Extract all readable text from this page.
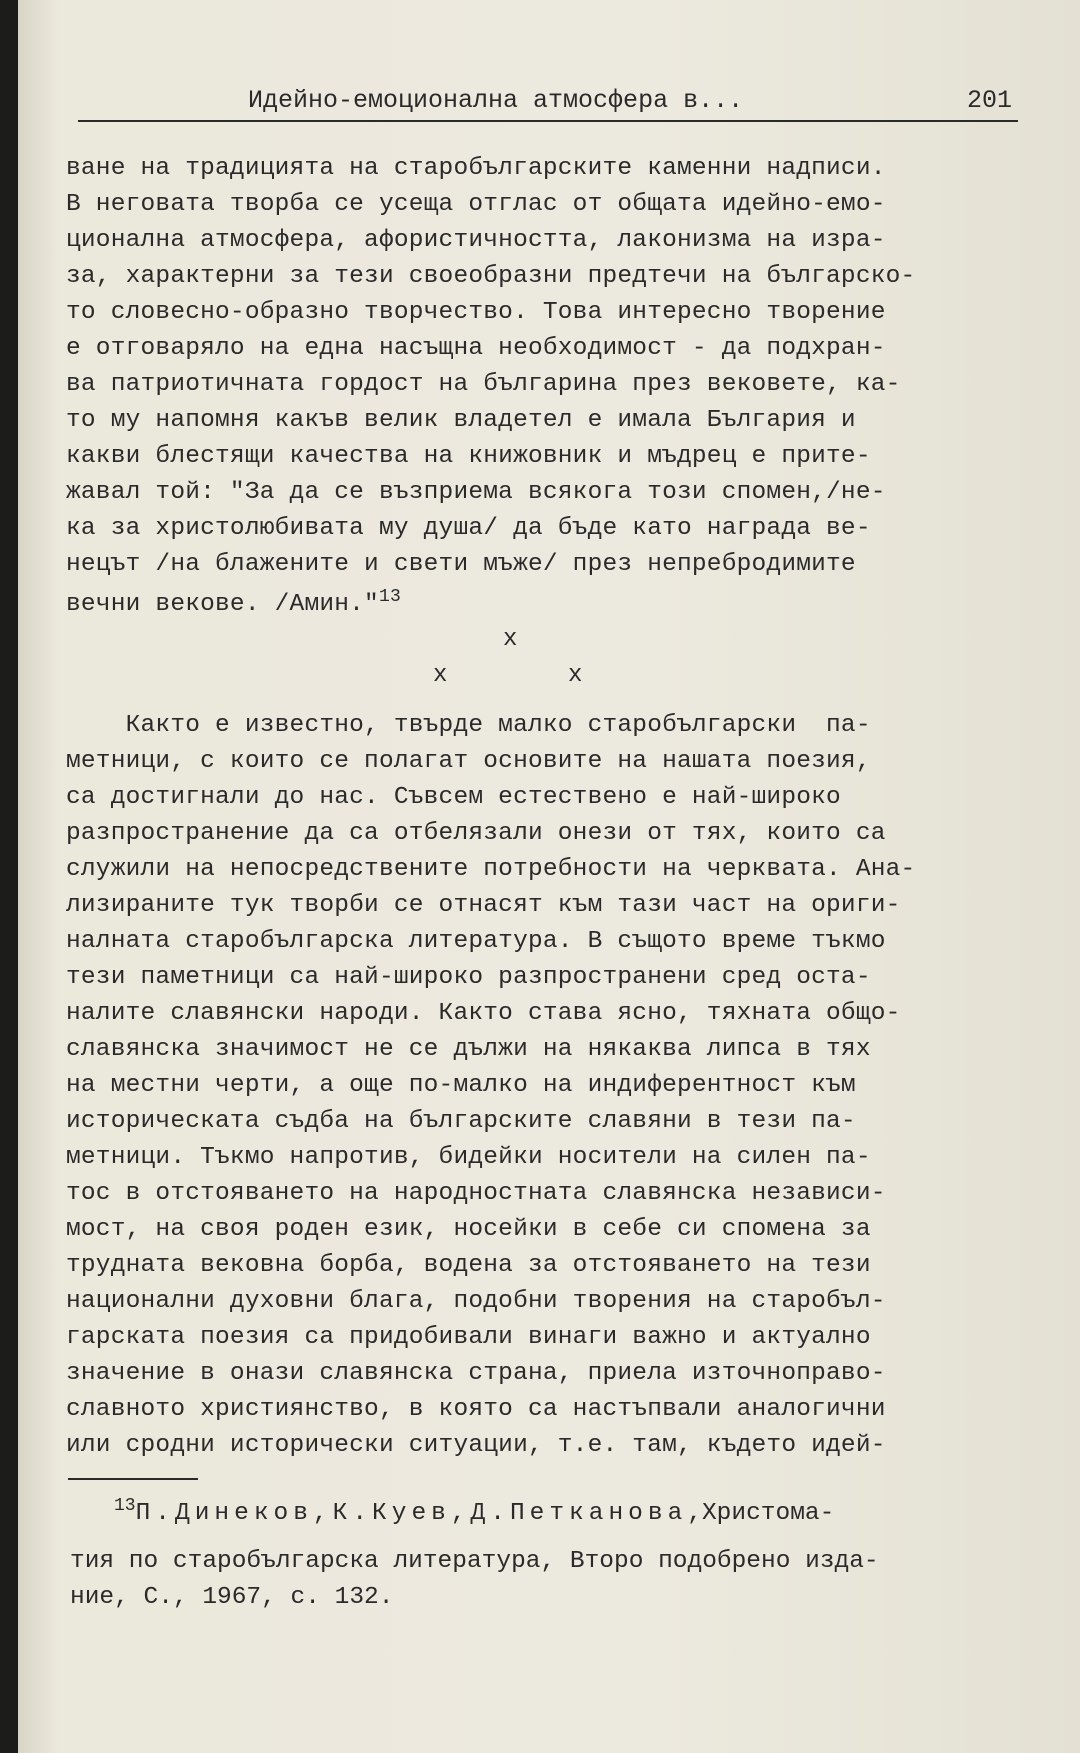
Идейно-емоционална атмосфера в...	201
ване на традицията на старобългарските каменни надписи.
В неговата творба се усеща отглас от общата идейно-емо-
ционална атмосфера, афористичността, лаконизма на изра-
за, характерни за тези своеобразни предтечи на българско-
то словесно-образно творчество. Това интересно творение
е отговаряло на една насъщна необходимост - да подхран-
ва патриотичната гордост на българина през вековете, ка-
то му напомня какъв велик владетел е имала България и
какви блестящи качества на книжовник и мъдрец е прите-
жавал той: "За да се възприема всякога този спомен,/не-
ка за христолюбивата му душа/ да бъде като награда ве-
нецът /на блажените и свети мъже/ през непребродимите
вечни векове. /Амин."$^{13}$
x
x	x
Както е известно, твърде малко старобългарски  па-
метници, с които се полагат основите на нашата поезия,
са достигнали до нас. Съвсем естествено е най-широко
разпространение да са отбелязали онези от тях, които са
служили на непосредствените потребности на черквата. Ана-
лизираните тук творби се отнасят към тази част на ориги-
налната старобългарска литература. В същото време тъкмо
тези паметници са най-широко разпространени сред оста-
налите славянски народи. Както става ясно, тяхната общо-
славянска значимост не се дължи на някаква липса в тях
на местни черти, а още по-малко на индиферентност към
историческата съдба на българските славяни в тези па-
метници. Тъкмо напротив, бидейки носители на силен па-
тос в отстояването на народностната славянска независи-
мост, на своя роден език, носейки в себе си спомена за
трудната вековна борба, водена за отстояването на тези
национални духовни блага, подобни творения на старобъл-
гарската поезия са придобивали винаги важно и актуално
значение в онази славянска страна, приела източноправо-
славното християнство, в която са настъпвали аналогични
или сродни исторически ситуации, т.е. там, където идей-
$^{13}$П.Динеков,К.Куев,Д.Петканова,Христома-
тия по старобългарска литература, Второ подобрено изда-
ние, С., 1967, с. 132.
